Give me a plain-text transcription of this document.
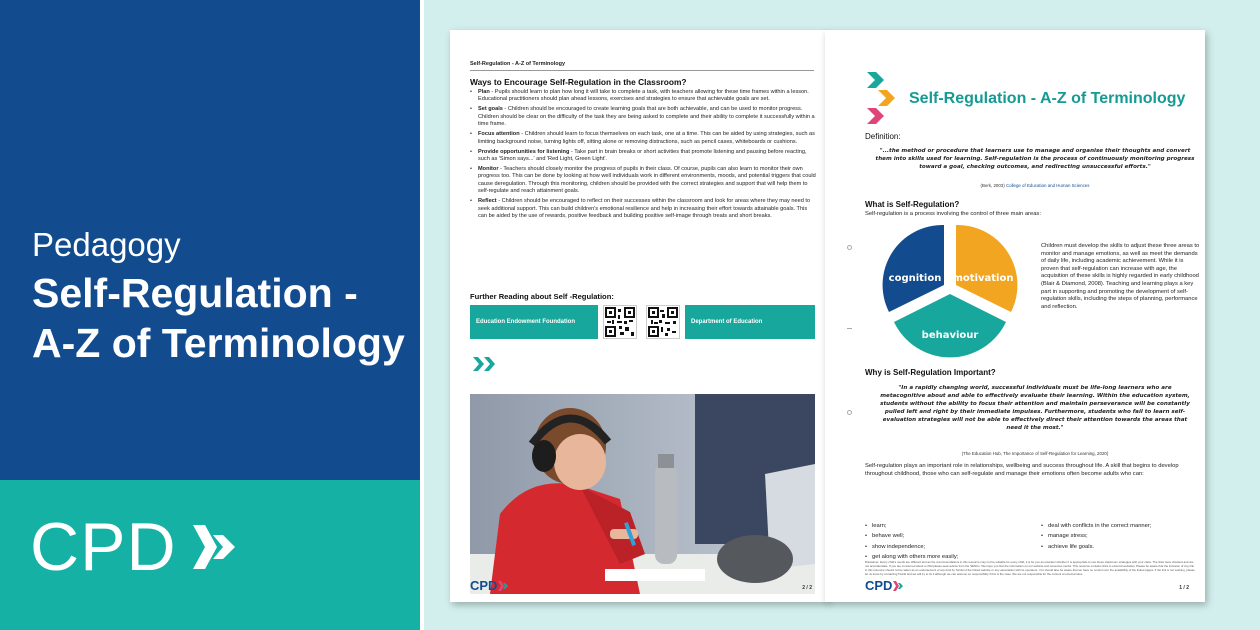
Pedagogy
Self-Regulation - A-Z of Terminology
CPD
Self-Regulation - A-Z of Terminology
Ways to Encourage Self-Regulation in the Classroom?
• Plan - Pupils should learn to plan how long it will take to complete a task, with teachers allowing for these time frames within a lesson. Educational practitioners should plan ahead lessons, exercises and strategies to ensure that achievable goals are set.
• Set goals - Children should be encouraged to create learning goals that are both achievable, and can be used to monitor progress. Children should be clear on the difficulty of the task they are being asked to complete and their ability to complete it successfully within a time frame.
• Focus attention - Children should learn to focus themselves on each task, one at a time. This can be aided by using strategies, such as limiting background noise, turning lights off, sitting alone or removing distractions, such as pencil cases, whiteboards or cushions.
• Provide opportunities for listening - Take part in brain breaks or short activities that promote listening and pausing before reacting, such as 'Simon says...' and 'Red Light, Green Light'.
• Monitor - Teachers should closely monitor the progress of pupils in their class. Of course, pupils can also learn to monitor their own progress too. This can be done by looking at how well individuals work in different environments, moods, and potential triggers that could cause deregulation. Through this monitoring, children should be provided with the correct strategies and support that will help them to self-regulate and reach attainment goals.
• Reflect - Children should be encouraged to reflect on their successes within the classroom and look for areas where they may need to seek additional support. This can build children's emotional resilience and help in increasing their effort towards attainable goals. This can be aided by the use of rewards, positive feedback and building positive self-image through treats and short breaks.
Further Reading about Self -Regulation:
Education Endowment Foundation	Department of Education
CPD	2 / 2
Self-Regulation - A-Z of Terminology
Definition:
"...the method or procedure that learners use to manage and organise their thoughts and convert them into skills used for learning. Self-regulation is the process of continuously monitoring progress toward a goal, checking outcomes, and redirecting unsuccessful efforts."
(Berk, 2003) College of Education and Human Sciences
What is Self-Regulation?
Self-regulation is a process involving the control of three main areas:
cognition motivation
behaviour
Children must develop the skills to adjust these three areas to monitor and manage emotions, as well as meet the demands of daily life, including academic achievement. While it is proven that self-regulation can increase with age, the acquisition of these skills is highly regarded in early childhood (Blair & Diamond, 2008). Teaching and learning plays a key part in supporting and promoting the development of self-regulation skills, including the steps of planning, performance and reflection.
Why is Self-Regulation Important?
"In a rapidly changing world, successful individuals must be life-long learners who are metacognitive about and able to effectively evaluate their learning. Within the education system, students without the ability to focus their attention and maintain perseverance will be constantly pulled left and right by their immediate impulses. Furthermore, students who fail to learn self-evaluation strategies will not be able to effectively direct their attention towards the areas that need it the most."
(The Education Hub, The Importance of Self-Regulation for Learning, 2020)
Self-regulation plays an important role in relationships, wellbeing and success throughout life. A skill that begins to develop throughout childhood, those who can self-regulate and manage their emotions often become adults who can:
• learn;	• deal with conflicts in the correct manner;
• behave well;	• manage stress;
• show independence;	• achieve life goals.
• get along with others more easily;
Disclaimer: Every child's needs are different and as the recommendations in this resource may not be suitable for every child, it is for you as educator whether it is appropriate to use these classroom strategies with your class. The links were checked and are not accurate/date. If you are concerned about a child please seek advice from the SENCo. We hope you find the information on our website and resources useful. This resource contains links to external websites. Please be aware that the inclusion of any link in this resource should not be taken as an endorsement of any kind by Twinkl of the linked website or any association with its operators. You should also be aware that we have no control over the availability of the linked pages. If the link is not working, please let us know by contacting Twinkl and we will try to fix it although we can assume no responsibility if this is the case. We are not responsible for the content of external sites.
CPD	1 / 2
